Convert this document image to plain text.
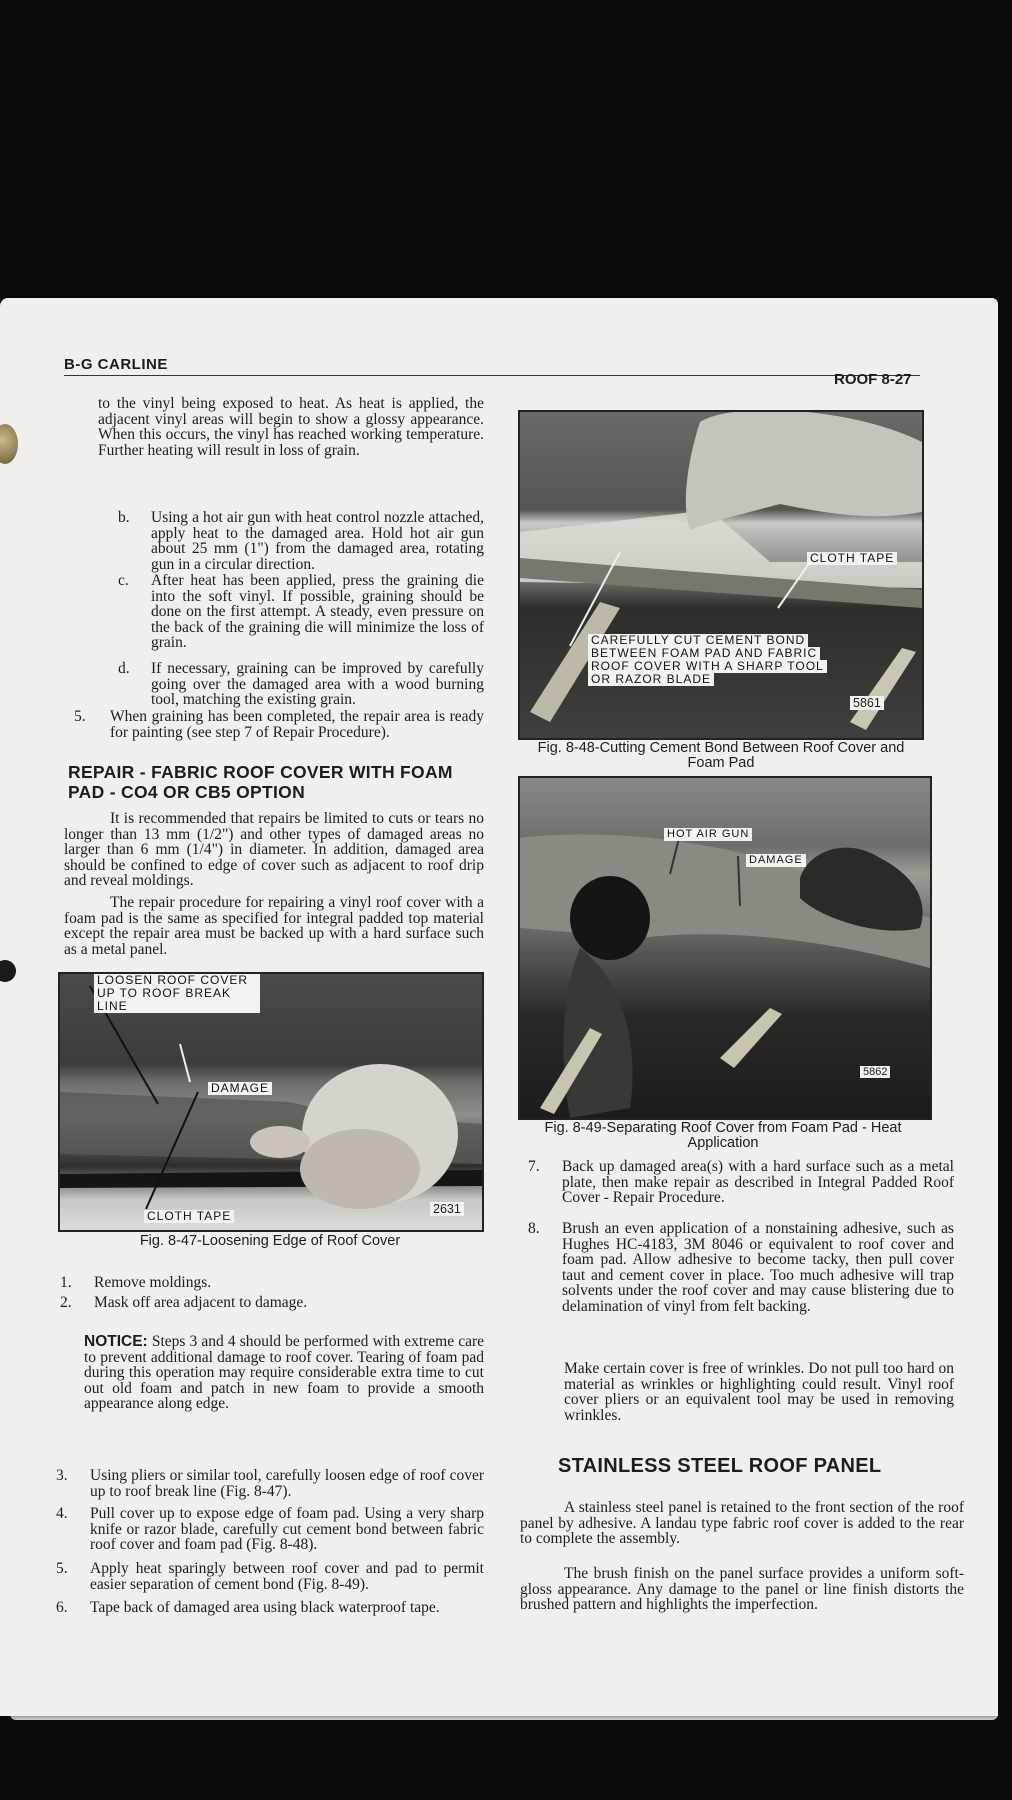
B-G CARLINE
ROOF 8-27

to the vinyl being exposed to heat. As heat is applied, the adjacent vinyl areas will begin to show a glossy appearance. When this occurs, the vinyl has reached working temperature. Further heating will result in loss of grain.

b. Using a hot air gun with heat control nozzle attached, apply heat to the damaged area. Hold hot air gun about 25 mm (1") from the damaged area, rotating gun in a circular direction.
c. After heat has been applied, press the graining die into the soft vinyl. If possible, graining should be done on the first attempt. A steady, even pressure on the back of the graining die will minimize the loss of grain.
d. If necessary, graining can be improved by carefully going over the damaged area with a wood burning tool, matching the existing grain.
5. When graining has been completed, the repair area is ready for painting (see step 7 of Repair Procedure).
REPAIR - FABRIC ROOF COVER WITH FOAM PAD - CO4 OR CB5 OPTION

It is recommended that repairs be limited to cuts or tears no longer than 13 mm (1/2") and other types of damaged areas no larger than 6 mm (1/4") in diameter. In addition, damaged area should be confined to edge of cover such as adjacent to roof drip and reveal moldings.

The repair procedure for repairing a vinyl roof cover with a foam pad is the same as specified for integral padded top material except the repair area must be backed up with a hard surface such as a metal panel.

LOOSEN ROOF COVER UP TO ROOF BREAK LINE
DAMAGE
CLOTH TAPE	2631
Fig. 8-47-Loosening Edge of Roof Cover
1. Remove moldings.
2. Mask off area adjacent to damage.
NOTICE: Steps 3 and 4 should be performed with extreme care to prevent additional damage to roof cover. Tearing of foam pad during this operation may require considerable extra time to cut out old foam and patch in new foam to provide a smooth appearance along edge.
3. Using pliers or similar tool, carefully loosen edge of roof cover up to roof break line (Fig. 8-47).
4. Pull cover up to expose edge of foam pad. Using a very sharp knife or razor blade, carefully cut cement bond between fabric roof cover and foam pad (Fig. 8-48).
5. Apply heat sparingly between roof cover and pad to permit easier separation of cement bond (Fig. 8-49).
6. Tape back of damaged area using black waterproof tape.
CLOTH TAPE
CAREFULLY CUT CEMENT BOND
BETWEEN FOAM PAD AND FABRIC
ROOF COVER WITH A SHARP TOOL
OR RAZOR BLADE
5861
Fig. 8-48-Cutting Cement Bond Between Roof Cover and
Foam Pad
HOT AIR GUN
DAMAGE
5862
Fig. 8-49-Separating Roof Cover from Foam Pad - Heat
Application
7. Back up damaged area(s) with a hard surface such as a metal plate, then make repair as described in Integral Padded Roof Cover - Repair Procedure.
8. Brush an even application of a nonstaining adhesive, such as Hughes HC-4183, 3M 8046 or equivalent to roof cover and foam pad. Allow adhesive to become tacky, then pull cover taut and cement cover in place. Too much adhesive will trap solvents under the roof cover and may cause blistering due to delamination of vinyl from felt backing.
Make certain cover is free of wrinkles. Do not pull too hard on material as wrinkles or highlighting could result. Vinyl roof cover pliers or an equivalent tool may be used in removing wrinkles.
STAINLESS STEEL ROOF PANEL

A stainless steel panel is retained to the front section of the roof panel by adhesive. A landau type fabric roof cover is added to the rear to complete the assembly.

The brush finish on the panel surface provides a uniform soft-gloss appearance. Any damage to the panel or line finish distorts the brushed pattern and highlights the imperfection.
